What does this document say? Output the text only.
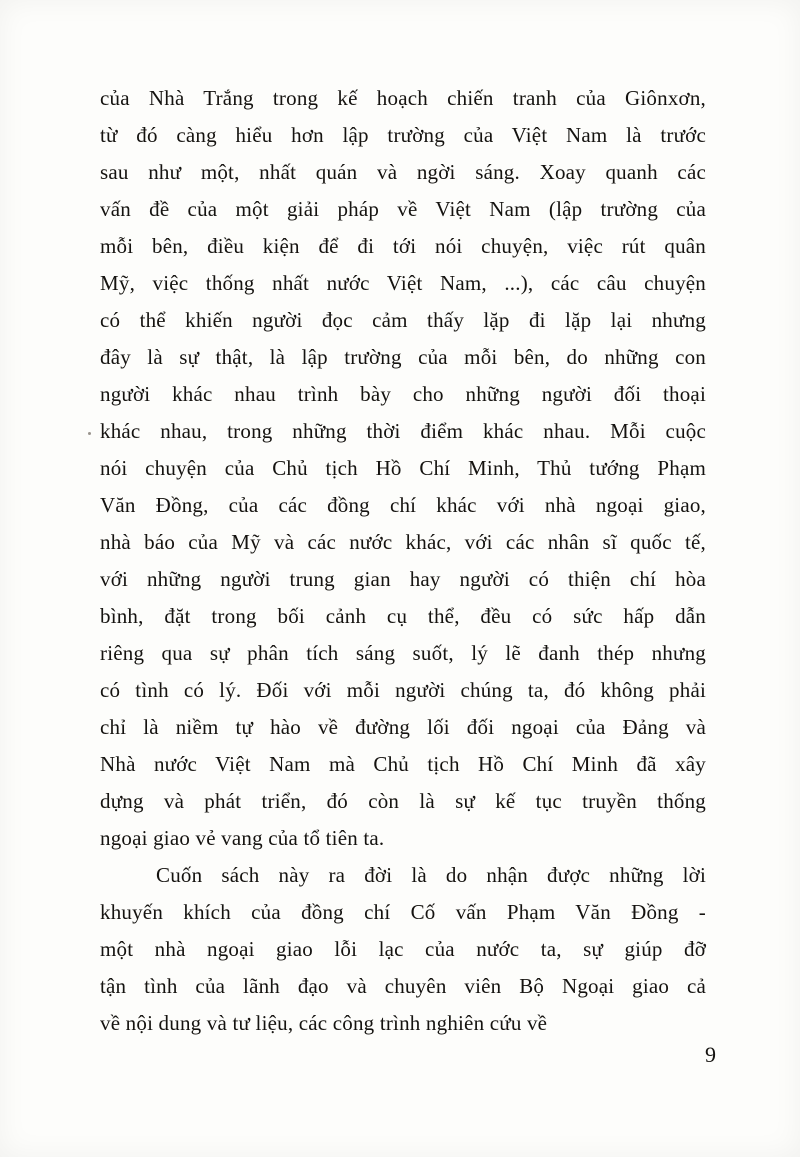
của Nhà Trắng trong kế hoạch chiến tranh của Giônxơn,
từ đó càng hiểu hơn lập trường của Việt Nam là trước
sau như một, nhất quán và ngời sáng. Xoay quanh các
vấn đề của một giải pháp về Việt Nam (lập trường của
mỗi bên, điều kiện để đi tới nói chuyện, việc rút quân
Mỹ, việc thống nhất nước Việt Nam, ...), các câu chuyện
có thể khiến người đọc cảm thấy lặp đi lặp lại nhưng
đây là sự thật, là lập trường của mỗi bên, do những con
người khác nhau trình bày cho những người đối thoại
khác nhau, trong những thời điểm khác nhau. Mỗi cuộc
nói chuyện của Chủ tịch Hồ Chí Minh, Thủ tướng Phạm
Văn Đồng, của các đồng chí khác với nhà ngoại giao,
nhà báo của Mỹ và các nước khác, với các nhân sĩ quốc tế,
với những người trung gian hay người có thiện chí hòa
bình, đặt trong bối cảnh cụ thể, đều có sức hấp dẫn
riêng qua sự phân tích sáng suốt, lý lẽ đanh thép nhưng
có tình có lý. Đối với mỗi người chúng ta, đó không phải
chỉ là niềm tự hào về đường lối đối ngoại của Đảng và
Nhà nước Việt Nam mà Chủ tịch Hồ Chí Minh đã xây
dựng và phát triển, đó còn là sự kế tục truyền thống
ngoại giao vẻ vang của tổ tiên ta.
Cuốn sách này ra đời là do nhận được những lời
khuyến khích của đồng chí Cố vấn Phạm Văn Đồng -
một nhà ngoại giao lỗi lạc của nước ta, sự giúp đỡ
tận tình của lãnh đạo và chuyên viên Bộ Ngoại giao cả
về nội dung và tư liệu, các công trình nghiên cứu về
9
